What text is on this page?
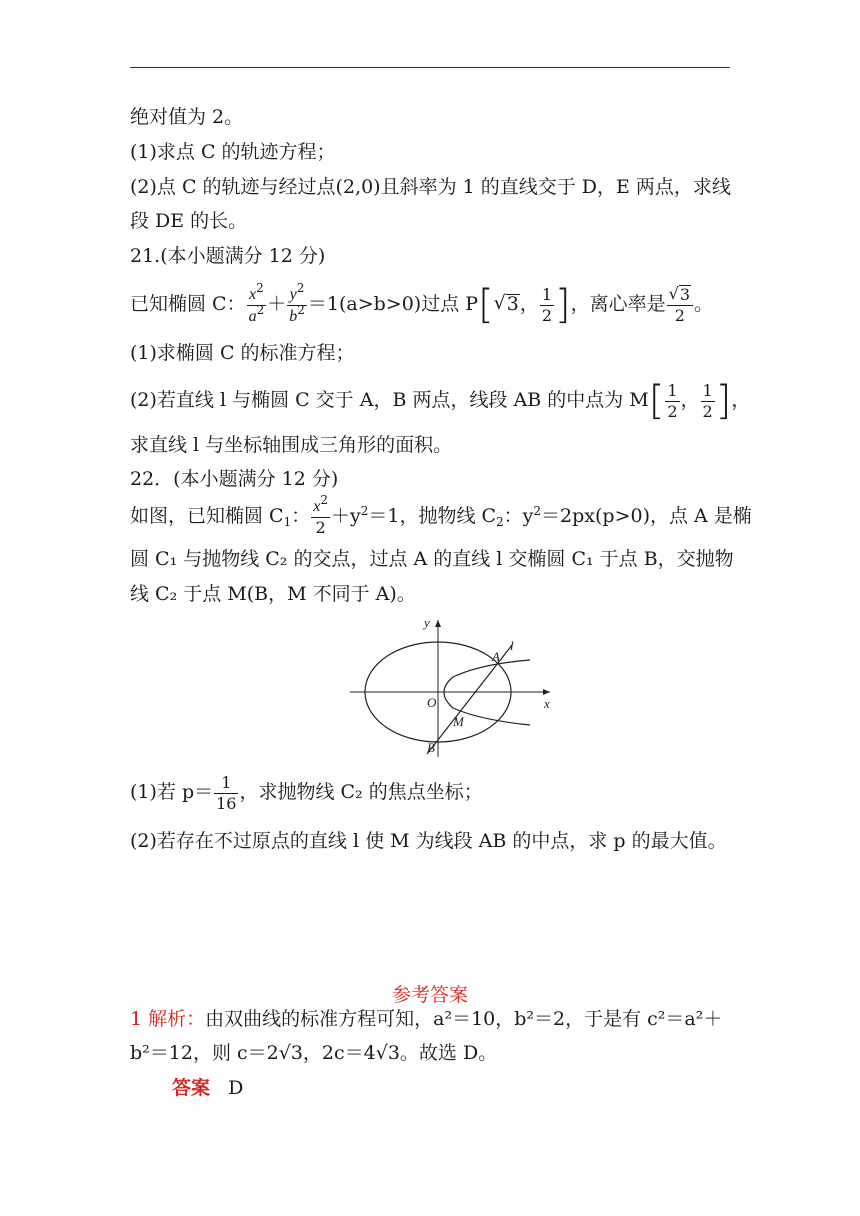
绝对值为 2。
(1)求点 C 的轨迹方程；
(2)点 C 的轨迹与经过点(2,0)且斜率为 1 的直线交于 D，E 两点，求线
段 DE 的长。
21.(本小题满分 12 分)
已知椭圆 C： $\frac{x^2}{a^2} + \frac{y^2}{b^2} =1(a>b>0)$过点 P[√3， $\frac{1}{2}$ ]，离心率是 $\frac{√3}{2}$ 。
(1)求椭圆 C 的标准方程；
(2)若直线 l 与椭圆 C 交于 A，B 两点，线段 AB 的中点为 $M[ \frac{1}{2}$ ， $\frac{1}{2}$ ]，
求直线 l 与坐标轴围成三角形的面积。
22．(本小题满分 12 分)
如图，已知椭圆 $C_1$： $\frac{x^2}{2} +y^2=1$，抛物线 $C_2$：$y^2=2px(p>0)$，点 A 是椭
圆 C₁ 与抛物线 C₂ 的交点，过点 A 的直线 l 交椭圆 C₁ 于点 B，交抛物
线 C₂ 于点 M(B，M 不同于 A)。
y
x
O
A
B
M
l
(1)若 $p= \frac{1}{16}$ ，求抛物线 C₂ 的焦点坐标；
(2)若存在不过原点的直线 l 使 M 为线段 AB 的中点，求 p 的最大值。
参考答案
1 解析：由双曲线的标准方程可知，a²＝10，b²＝2，于是有 c²＝a²＋
b²＝12，则 c＝2√3，2c＝4√3。故选 D。
答案 D
